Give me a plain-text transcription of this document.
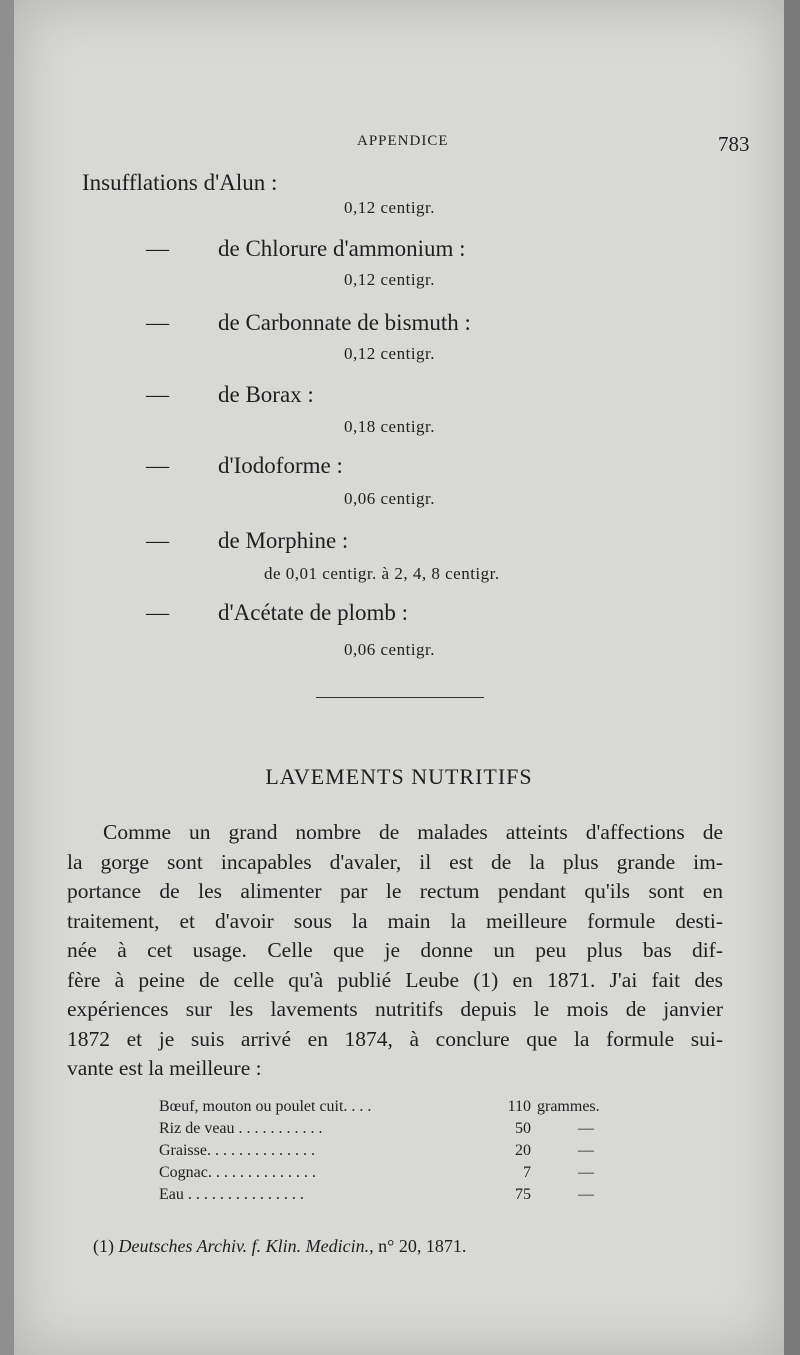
APPENDICE	783
Insufflations d'Alun :
0,12 centigr.
— de Chlorure d'ammonium :
0,12 centigr.
— de Carbonnate de bismuth :
0,12 centigr.
— de Borax :
0,18 centigr.
— d'Iodoforme :
0,06 centigr.
— de Morphine :
de 0,01 centigr. à 2, 4, 8 centigr.
— d'Acétate de plomb :
0,06 centigr.
LAVEMENTS NUTRITIFS
Comme un grand nombre de malades atteints d'affections de
la gorge sont incapables d'avaler, il est de la plus grande im-
portance de les alimenter par le rectum pendant qu'ils sont en
traitement, et d'avoir sous la main la meilleure formule desti-
née à cet usage. Celle que je donne un peu plus bas dif-
fère à peine de celle qu'à publié Leube (1) en 1871. J'ai fait des
expériences sur les lavements nutritifs depuis le mois de janvier
1872 et je suis arrivé en 1874, à conclure que la formule sui-
vante est la meilleure :
Bœuf, mouton ou poulet cuit. . . .	110 grammes.
Riz de veau . . . . . . . . . . .	50	—
Graisse. . . . . . . . . . . . . .	20	—
Cognac. . . . . . . . . . . . . .	7	—
Eau . . . . . . . . . . . . . . .	75	—
(1) Deutsches Archiv. f. Klin. Medicin., n° 20, 1871.
